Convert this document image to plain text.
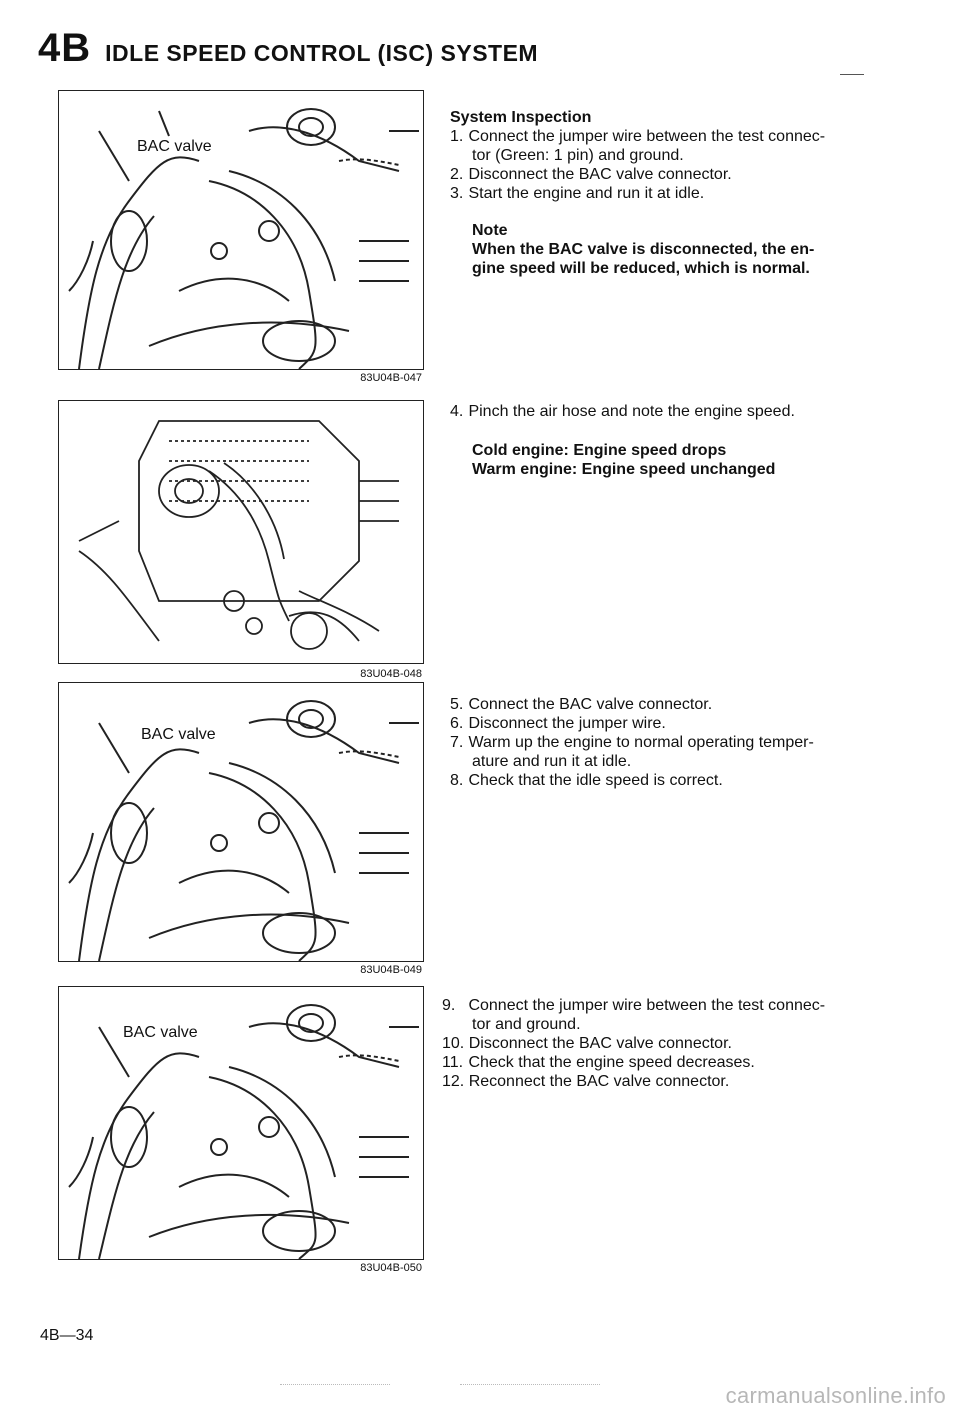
4B IDLE SPEED CONTROL (ISC) SYSTEM
BAC valve
83U04B-047
83U04B-048
BAC valve
83U04B-049
BAC valve
83U04B-050
System Inspection
1. Connect the jumper wire between the test connec-
tor (Green: 1 pin) and ground.
2. Disconnect the BAC valve connector.
3. Start the engine and run it at idle.
Note
When the BAC valve is disconnected, the en-
gine speed will be reduced, which is normal.
4. Pinch the air hose and note the engine speed.
Cold engine: Engine speed drops
Warm engine: Engine speed unchanged
5. Connect the BAC valve connector.
6. Disconnect the jumper wire.
7. Warm up the engine to normal operating temper-
ature and run it at idle.
8. Check that the idle speed is correct.
9. Connect the jumper wire between the test connec-
tor and ground.
10. Disconnect the BAC valve connector.
11. Check that the engine speed decreases.
12. Reconnect the BAC valve connector.
4B—34
carmanualsonline.info
